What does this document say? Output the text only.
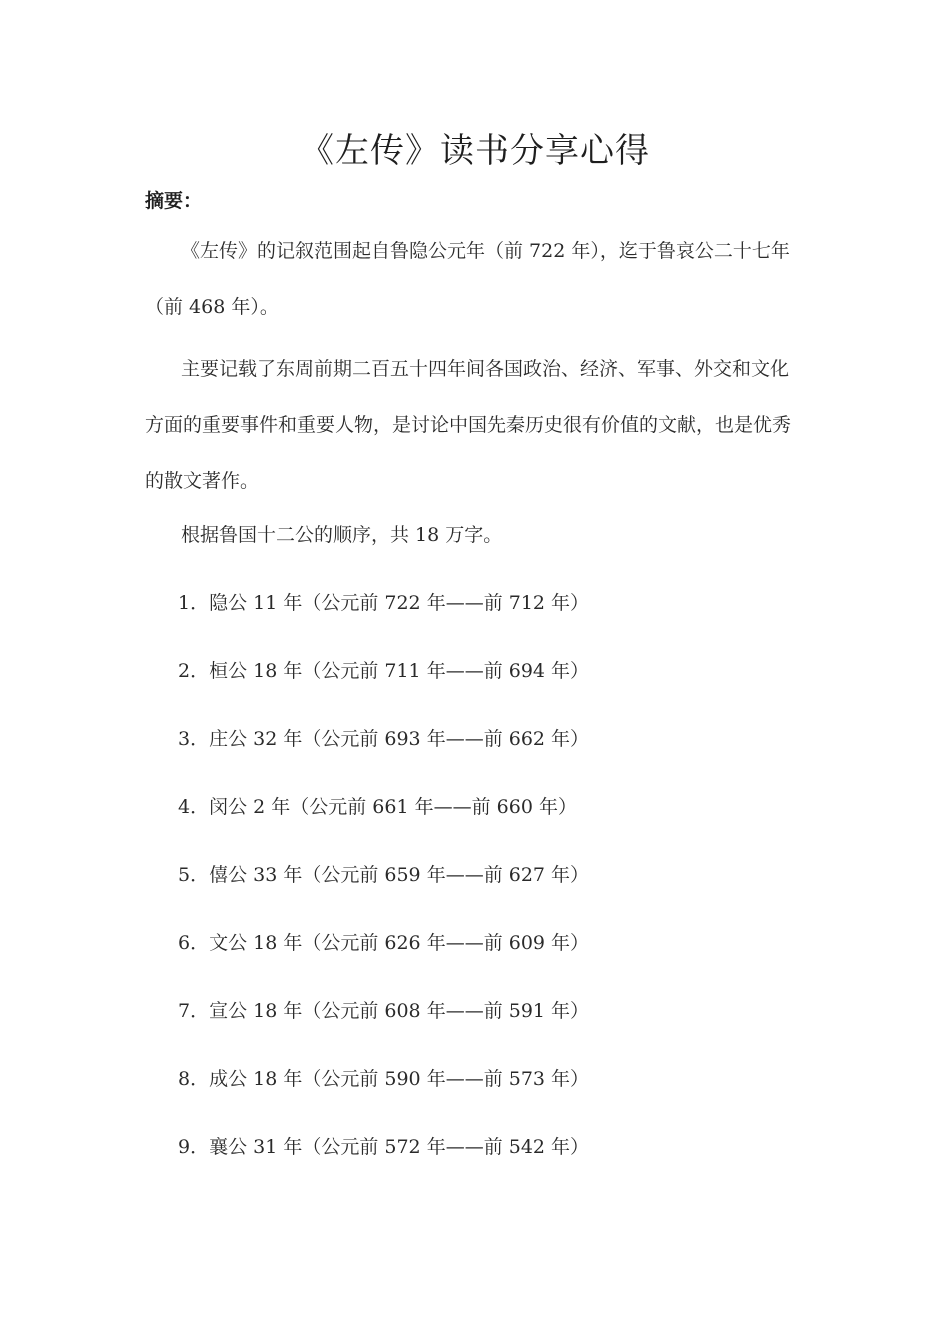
《左传》读书分享心得
摘要：

《左传》的记叙范围起自鲁隐公元年（前 722 年），迄于鲁哀公二十七年（前 468 年）。

主要记载了东周前期二百五十四年间各国政治、经济、军事、外交和文化方面的重要事件和重要人物，是讨论中国先秦历史很有价值的文献，也是优秀的散文著作。

根据鲁国十二公的顺序，共 18 万字。

1．隐公 11 年（公元前 722 年——前 712 年）
2．桓公 18 年（公元前 711 年——前 694 年）
3．庄公 32 年（公元前 693 年——前 662 年）
4．闵公 2 年（公元前 661 年——前 660 年）
5．僖公 33 年（公元前 659 年——前 627 年）
6．文公 18 年（公元前 626 年——前 609 年）
7．宣公 18 年（公元前 608 年——前 591 年）
8．成公 18 年（公元前 590 年——前 573 年）
9．襄公 31 年（公元前 572 年——前 542 年）
